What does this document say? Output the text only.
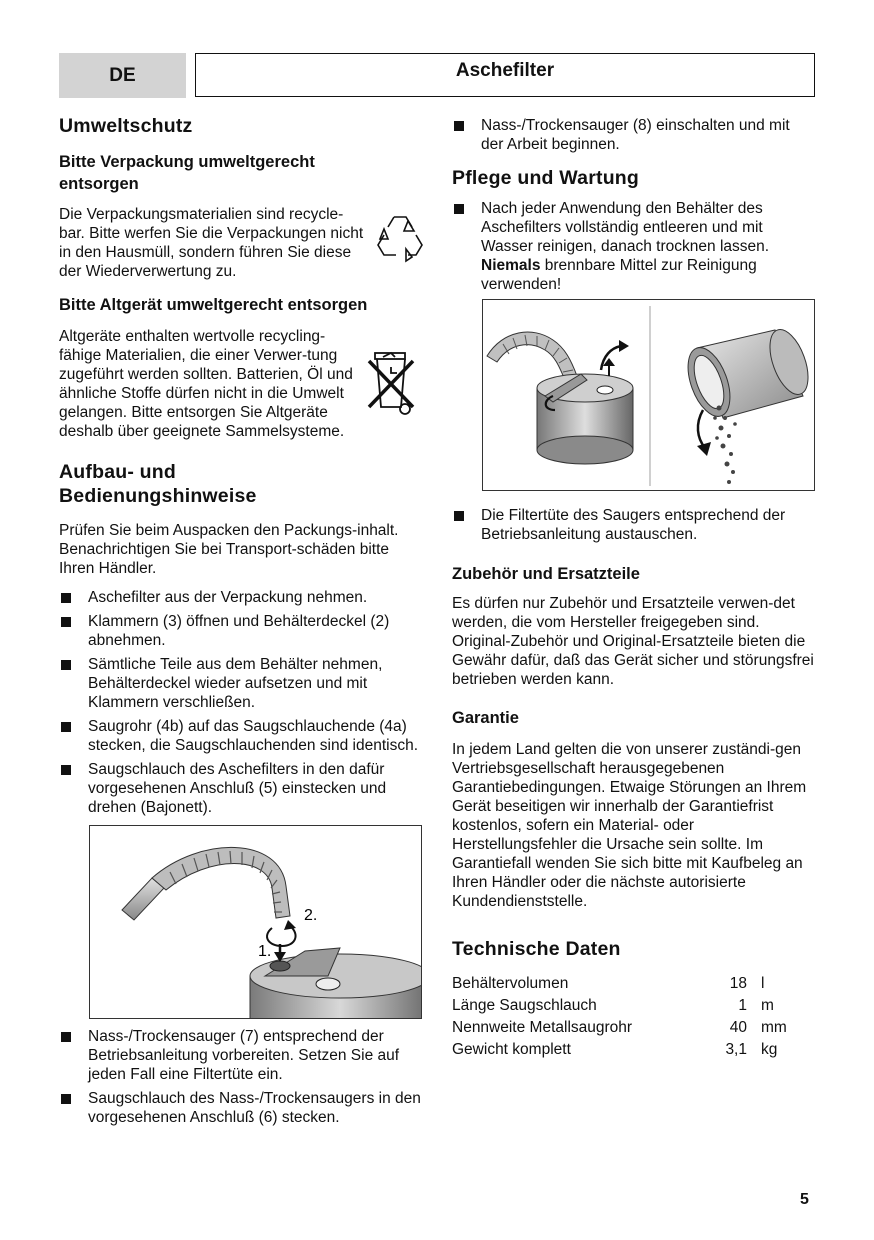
DE	Aschefilter
Umweltschutz
Bitte Verpackung umweltgerecht entsorgen

Die Verpackungsmaterialien sind recycle-bar. Bitte werfen Sie die Verpackungen nicht in den Hausmüll, sondern führen Sie diese der Wiederverwertung zu.

Bitte Altgerät umweltgerecht entsorgen

Altgeräte enthalten wertvolle recycling-fähige Materialien, die einer Verwer-tung zugeführt werden sollten. Batterien, Öl und ähnliche Stoffe dürfen nicht in die Umwelt gelangen. Bitte entsorgen Sie Altgeräte deshalb über geeignete Sammelsysteme.

Aufbau- und Bedienungshinweise

Prüfen Sie beim Auspacken den Packungs-inhalt. Benachrichtigen Sie bei Transport-schäden bitte Ihren Händler.

Aschefilter aus der Verpackung nehmen.
Klammern (3) öffnen und Behälterdeckel (2) abnehmen.
Sämtliche Teile aus dem Behälter nehmen, Behälterdeckel wieder aufsetzen und mit Klammern verschließen.
Saugrohr (4b) auf das Saugschlauchende (4a) stecken, die Saugschlauchenden sind identisch.
Saugschlauch des Aschefilters in den dafür vorgesehenen Anschluß (5) einstecken und drehen (Bajonett).
2.
1.
Nass-/Trockensauger (7) entsprechend der Betriebsanleitung vorbereiten. Setzen Sie auf jeden Fall eine Filtertüte ein.
Saugschlauch des Nass-/Trockensaugers in den vorgesehenen Anschluß (6) stecken.
Nass-/Trockensauger (8) einschalten und mit der Arbeit beginnen.
Pflege und Wartung
Nach jeder Anwendung den Behälter des Aschefilters vollständig entleeren und mit Wasser reinigen, danach trocknen lassen. Niemals brennbare Mittel zur Reinigung verwenden!
Die Filtertüte des Saugers entsprechend der Betriebsanleitung austauschen.
Zubehör und Ersatzteile

Es dürfen nur Zubehör und Ersatzteile verwen-det werden, die vom Hersteller freigegeben sind. Original-Zubehör und Original-Ersatzteile bieten die Gewähr dafür, daß das Gerät sicher und störungsfrei betrieben werden kann.

Garantie

In jedem Land gelten die von unserer zuständi-gen Vertriebsgesellschaft herausgegebenen Garantiebedingungen. Etwaige Störungen an Ihrem Gerät beseitigen wir innerhalb der Garantiefrist kostenlos, sofern ein Material- oder Herstellungsfehler die Ursache sein sollte. Im Garantiefall wenden Sie sich bitte mit Kaufbeleg an Ihren Händler oder die nächste autorisierte Kundendienststelle.

Technische Daten
Behältervolumen	18	l
Länge Saugschlauch	1	m
Nennweite Metallsaugrohr	40	mm
Gewicht komplett	3,1	kg
5
